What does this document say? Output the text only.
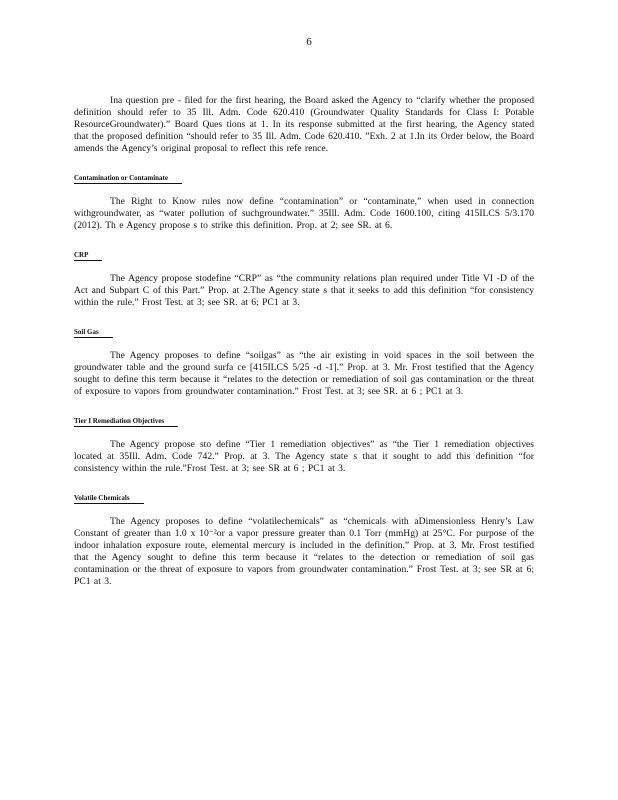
6

Ina question pre - filed for the first hearing, the Board asked the Agency to “clarify whether the proposed definition should refer to 35 Ill. Adm. Code 620.410 (Groundwater Quality Standards for Class I: Potable ResourceGroundwater).” Board Ques tions at 1. In its response submitted at the first hearing, the Agency stated that the proposed definition “should refer to 35 Ill. Adm. Code 620.410. ”Exh. 2 at 1.In its Order below, the Board amends the Agency’s original proposal to reflect this refe rence.

Contamination or Contaminate

The Right to Know rules now define “contamination” or “contaminate,” when used in connection withgroundwater, as “water pollution of suchgroundwater.” 35Ill. Adm. Code 1600.100, citing 415ILCS 5/3.170 (2012). Th e Agency propose s to strike this definition. Prop. at 2; see SR. at 6.

CRP

The Agency propose stodefine “CRP” as “the community relations plan required under Title VI -D of the Act and Subpart C of this Part.” Prop. at 2.The Agency state s that it seeks to add this definition “for consistency within the rule.” Frost Test. at 3; see SR. at 6; PC1 at 3.

Soil Gas

The Agency proposes to define “soilgas” as “the air existing in void spaces in the soil between the groundwater table and the ground surfa ce [415ILCS 5/25 -d -1].” Prop. at 3. Mr. Frost testified that the Agency sought to define this term because it “relates to the detection or remediation of soil gas contamination or the threat of exposure to vapors from groundwater contamination.” Frost Test. at 3; see SR. at 6 ; PC1 at 3.

Tier I Remediation Objectives

The Agency propose sto define “Tier 1 remediation objectives” as “the Tier 1 remediation objectives located at 35Ill. Adm. Code 742.” Prop. at 3. The Agency state s that it sought to add this definition “for consistency within the rule.”Frost Test. at 3; see SR at 6 ; PC1 at 3.

Volatile Chemicals

The Agency proposes to define “volatilechemicals” as “chemicals with aDimensionless Henry’s Law Constant of greater than 1.0 x 10⁻²or a vapor pressure greater than 0.1 Torr (mmHg) at 25°C. For purpose of the indoor inhalation exposure route, elemental mercury is included in the definition.” Prop. at 3. Mr. Frost testified that the Agency sought to define this term because it “relates to the detection or remediation of soil gas contamination or the threat of exposure to vapors from groundwater contamination.” Frost Test. at 3; see SR at 6; PC1 at 3.
